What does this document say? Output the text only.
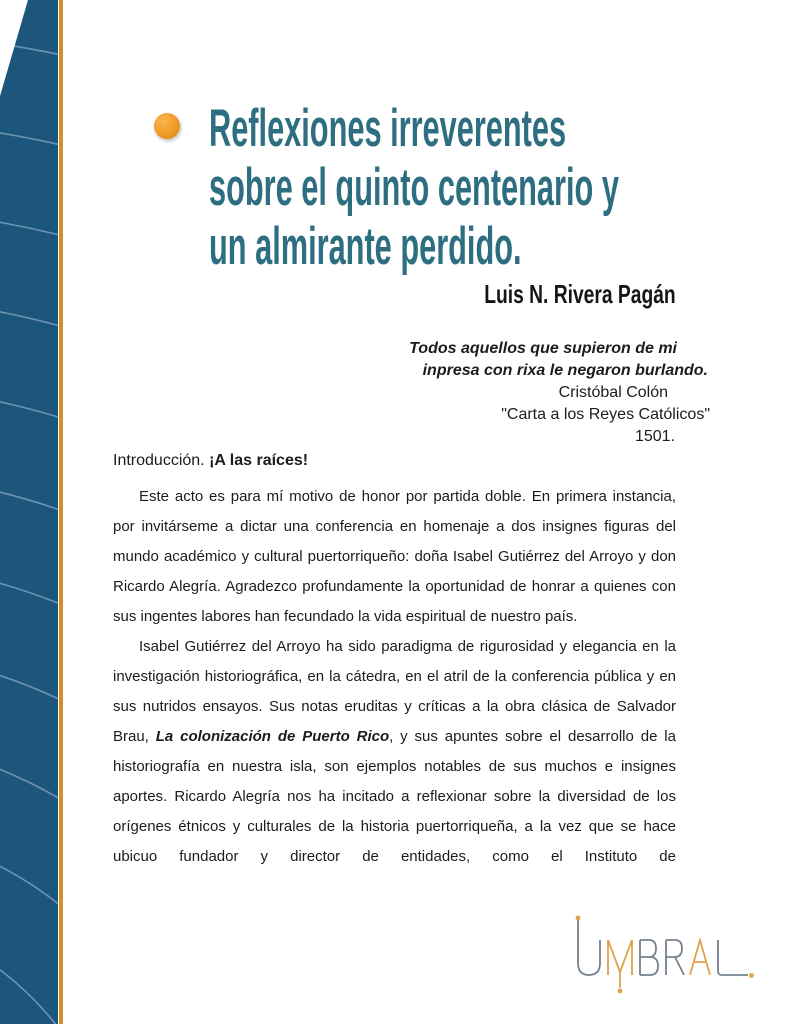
Reflexiones irreverentes
sobre el quinto centenario y
un almirante perdido.
Luis N. Rivera Pagán
Todos aquellos que supieron de mi
inpresa con rixa le negaron burlando.
Cristóbal Colón
"Carta a los Reyes Católicos"
1501.
Introducción. ¡A las raíces!

Este acto es para mí motivo de honor por partida doble. En primera instancia, por invitárseme a dictar una conferencia en homenaje a dos insignes figuras del mundo académico y cultural puertorriqueño: doña Isabel Gutiérrez del Arroyo y don Ricardo Alegría. Agradezco profundamente la oportunidad de honrar a quienes con sus ingentes labores han fecundado la vida espiritual de nuestro país.

Isabel Gutiérrez del Arroyo ha sido paradigma de rigurosidad y elegancia en la investigación historiográfica, en la cátedra, en el atril de la conferencia pública y en sus nutridos ensayos. Sus notas eruditas y críticas a la obra clásica de Salvador Brau, La colonización de Puerto Rico, y sus apuntes sobre el desarrollo de la historiografía en nuestra isla, son ejemplos notables de sus muchos e insignes aportes. Ricardo Alegría nos ha incitado a reflexionar sobre la diversidad de los orígenes étnicos y culturales de la historia puertorriqueña, a la vez que se hace ubicuo fundador y director de entidades, como el Instituto de
